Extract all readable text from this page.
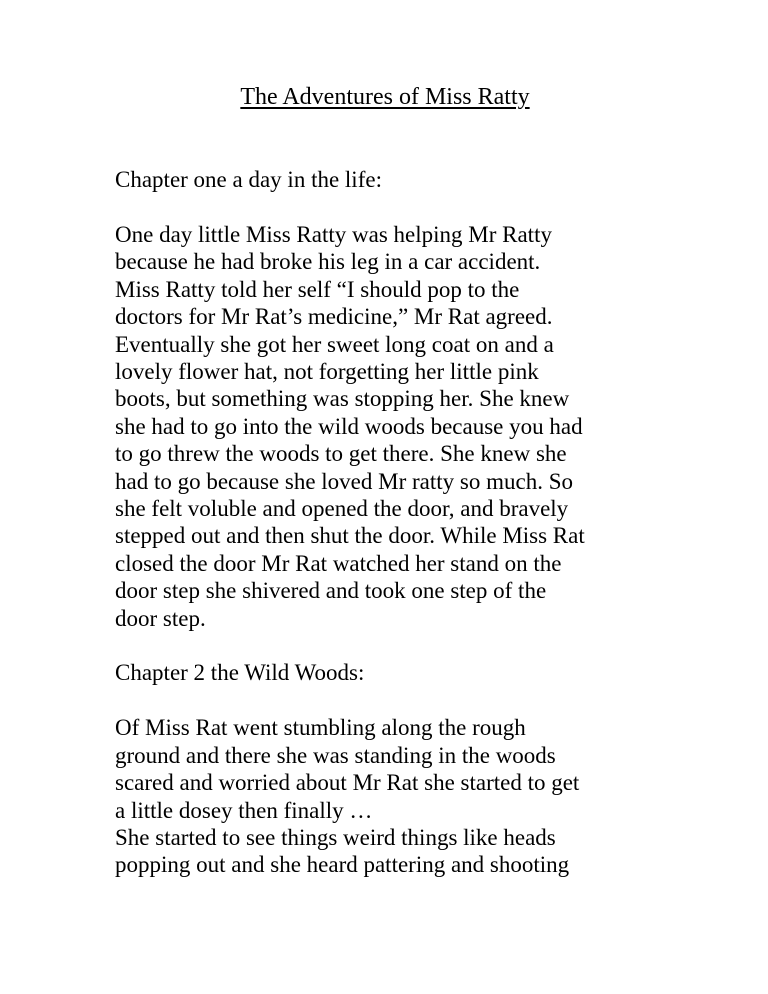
The Adventures of Miss Ratty
Chapter one a day in the life:
One day little Miss Ratty was helping Mr Ratty
because he had broke his leg in a car accident.
Miss Ratty told her self “I should pop to the
doctors for Mr Rat’s medicine,” Mr Rat agreed.
Eventually she got her sweet long coat on and a
lovely flower hat, not forgetting her little pink
boots, but something was stopping her. She knew
she had to go into the wild woods because you had
to go threw the woods to get there. She knew she
had to go because she loved Mr ratty so much. So
she felt voluble and opened the door, and bravely
stepped out and then shut the door. While Miss Rat
closed the door Mr Rat watched her stand on the
door step she shivered and took one step of the
door step.
Chapter 2 the Wild Woods:
Of Miss Rat went stumbling along the rough
ground and there she was standing in the woods
scared and worried about Mr Rat she started to get
a little dosey then finally …
She started to see things weird things like heads
popping out and she heard pattering and shooting
